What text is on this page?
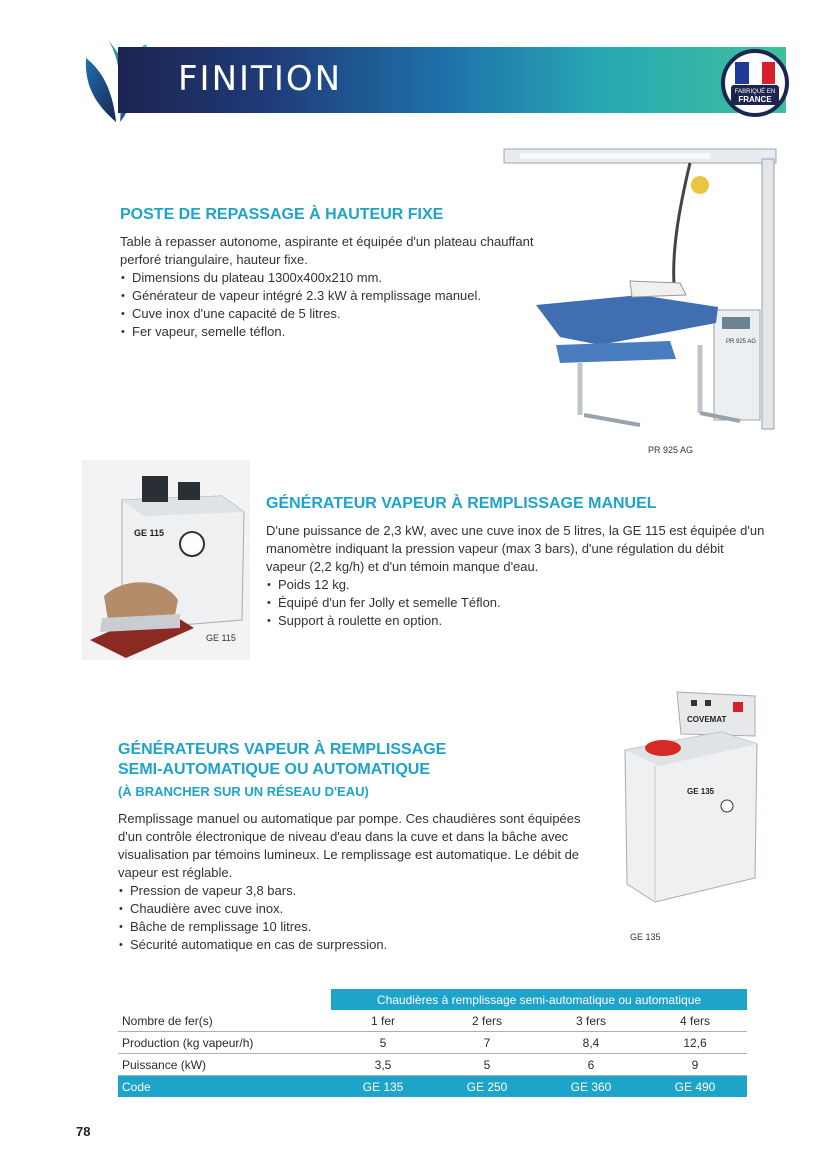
FINITION	FABRIQUÉ EN
FRANCE
PR 925 AG
PR 925 AG
POSTE DE REPASSAGE À HAUTEUR FIXE

Table à repasser autonome, aspirante et équipée d'un plateau chauffant perforé triangulaire, hauteur fixe.

• Dimensions du plateau 1300x400x210 mm.
• Générateur de vapeur intégré 2.3 kW à remplissage manuel.
• Cuve inox d'une capacité de 5 litres.
• Fer vapeur, semelle téflon.
GE 115
GE 115
GÉNÉRATEUR VAPEUR À REMPLISSAGE MANUEL

D'une puissance de 2,3 kW, avec une cuve inox de 5 litres, la GE 115 est équipée d'un manomètre indiquant la pression vapeur (max 3 bars), d'une régulation du débit vapeur (2,2 kg/h) et d'un témoin manque d'eau.

• Poids 12 kg.
• Équipé d'un fer Jolly et semelle Téflon.
• Support à roulette en option.
COVEMAT
GE 135
GE 135
GÉNÉRATEURS VAPEUR À REMPLISSAGE
SEMI-AUTOMATIQUE OU AUTOMATIQUE
(À BRANCHER SUR UN RÉSEAU D'EAU)

Remplissage manuel ou automatique par pompe. Ces chaudières sont équipées d'un contrôle électronique de niveau d'eau dans la cuve et dans la bâche avec visualisation par témoins lumineux. Le remplissage est automatique. Le débit de vapeur est réglable.

• Pression de vapeur 3,8 bars.
• Chaudière avec cuve inox.
• Bâche de remplissage 10 litres.
• Sécurité automatique en cas de surpression.
	Chaudières à remplissage semi-automatique ou automatique			
Nombre de fer(s)	1 fer	2 fers	3 fers	4 fers
Production (kg vapeur/h)	5	7	8,4	12,6
Puissance (kW)	3,5	5	6	9
Code	GE 135	GE 250	GE 360	GE 490
78
